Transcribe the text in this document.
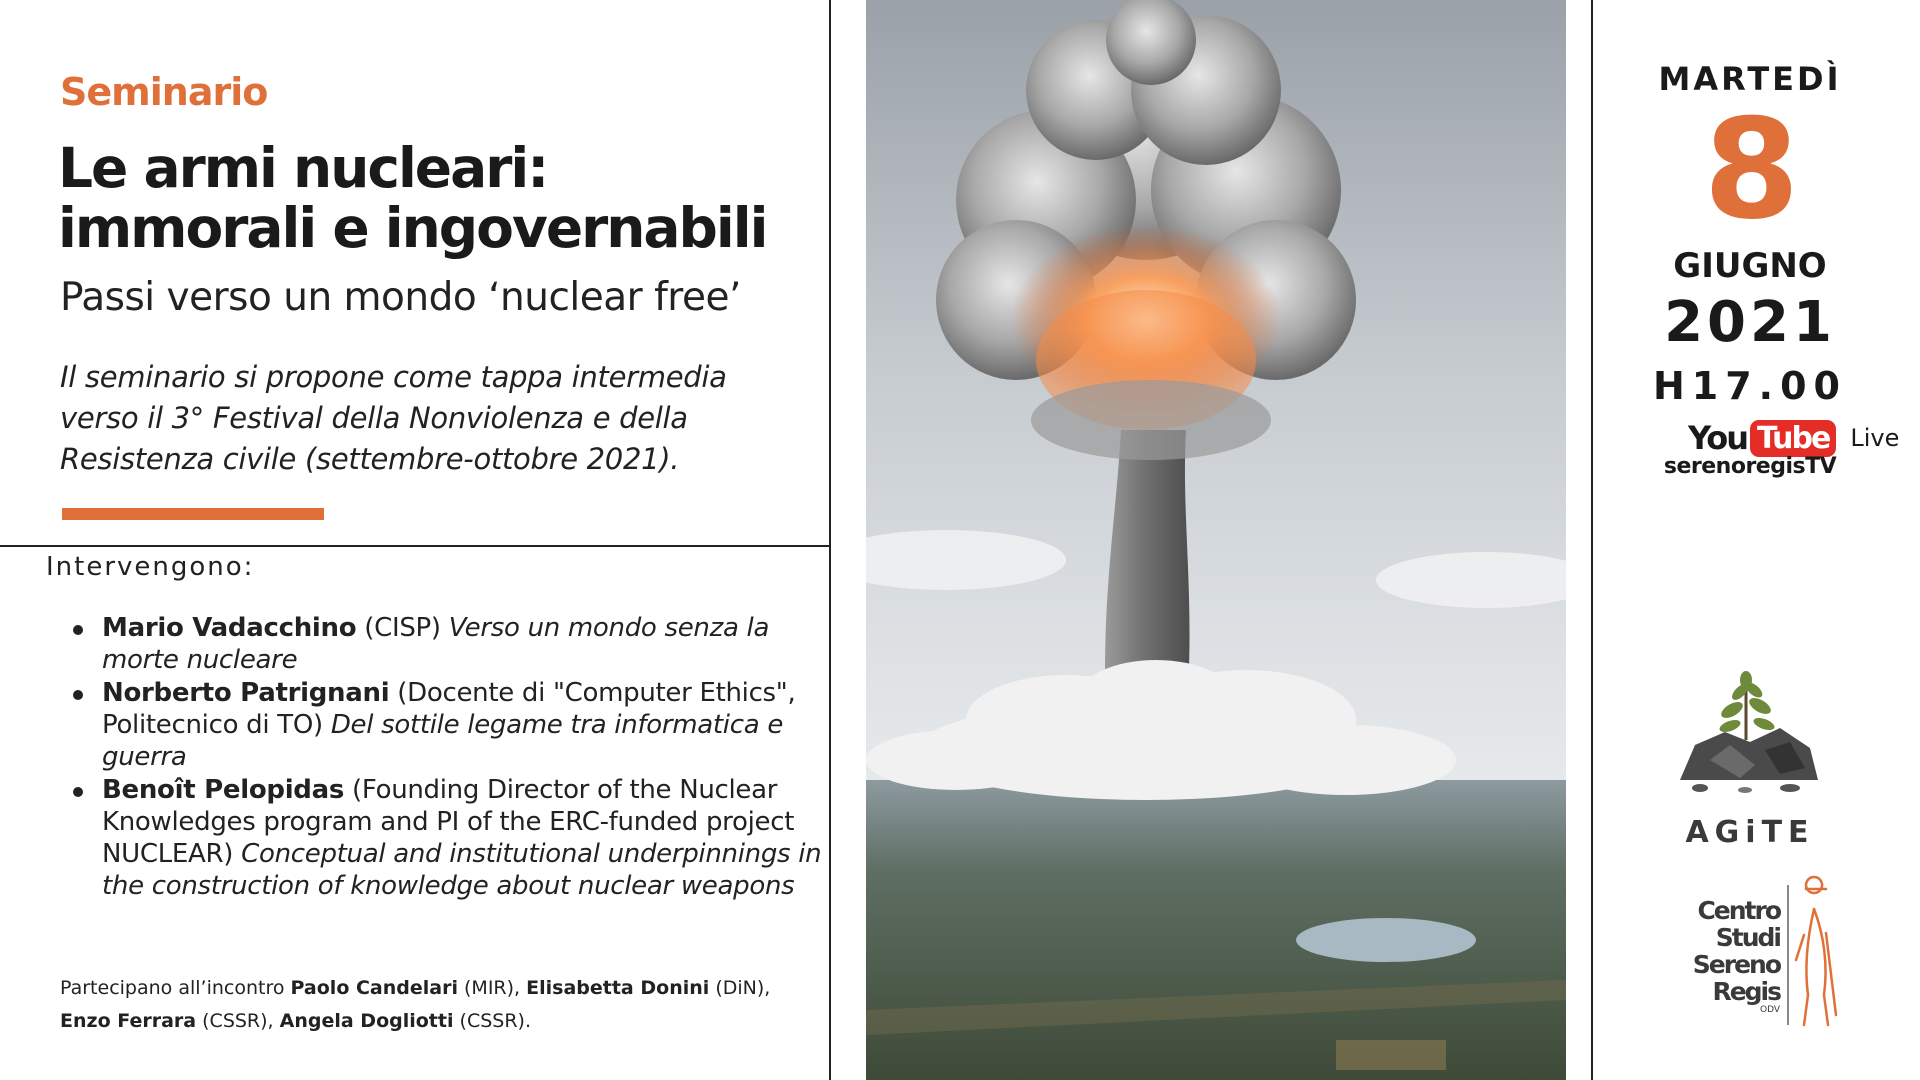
Seminario
Le armi nucleari:
immorali e ingovernabili
Passi verso un mondo ‘nuclear free’
Il seminario si propone come tappa intermedia verso il 3° Festival della Nonviolenza e della Resistenza civile (settembre-ottobre 2021).
Intervengono:
Mario Vadacchino (CISP) Verso un mondo senza la morte nucleare
Norberto Patrignani (Docente di "Computer Ethics", Politecnico di TO) Del sottile legame tra informatica e guerra
Benoît Pelopidas (Founding Director of the Nuclear Knowledges program and PI of the ERC-funded project NUCLEAR) Conceptual and institutional underpinnings in the construction of knowledge about nuclear weapons
Partecipano all’incontro Paolo Candelari (MIR), Elisabetta Donini (DiN), Enzo Ferrara (CSSR), Angela Dogliotti (CSSR).
MARTEDÌ
8
GIUGNO
2021
H17.00
You Tube Live
serenoregisTV
AGiTE
Centro
Studi
Sereno
Regis
ODV
